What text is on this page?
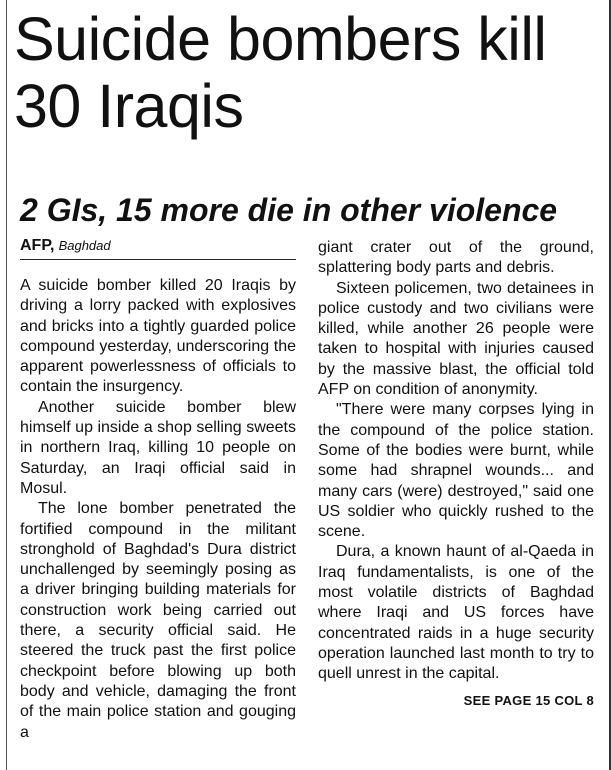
Suicide bombers kill 30 Iraqis
2 GIs, 15 more die in other violence
AFP, Baghdad

A suicide bomber killed 20 Iraqis by driving a lorry packed with explosives and bricks into a tightly guarded police compound yesterday, underscoring the apparent powerlessness of officials to contain the insurgency.

Another suicide bomber blew himself up inside a shop selling sweets in northern Iraq, killing 10 people on Saturday, an Iraqi official said in Mosul.

The lone bomber penetrated the fortified compound in the militant stronghold of Baghdad's Dura district unchallenged by seemingly posing as a driver bringing building materials for construction work being carried out there, a security official said. He steered the truck past the first police checkpoint before blowing up both body and vehicle, damaging the front of the main police station and gouging a

giant crater out of the ground, splattering body parts and debris.

Sixteen policemen, two detainees in police custody and two civilians were killed, while another 26 people were taken to hospital with injuries caused by the massive blast, the official told AFP on condition of anonymity.

"There were many corpses lying in the compound of the police station. Some of the bodies were burnt, while some had shrapnel wounds... and many cars (were) destroyed," said one US soldier who quickly rushed to the scene.

Dura, a known haunt of al-Qaeda in Iraq fundamentalists, is one of the most volatile districts of Baghdad where Iraqi and US forces have concentrated raids in a huge security operation launched last month to try to quell unrest in the capital.

SEE PAGE 15 COL 8
